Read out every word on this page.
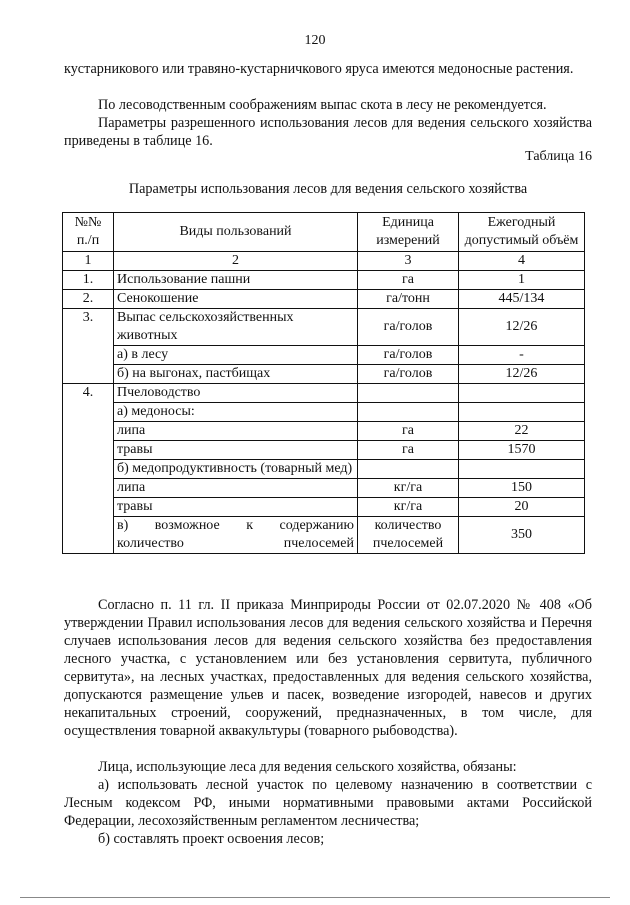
120

кустарникового или травяно-кустарничкового яруса имеются медоносные растения.

По лесоводственным соображениям выпас скота в лесу не рекомендуется.

Параметры разрешенного использования лесов для ведения сельского хозяйства приведены в таблице 16.

Таблица 16
Параметры использования лесов для ведения сельского хозяйства
№№ п./п	Виды пользований	Единица измерений	Ежегодный допустимый объём
1	2	3	4
1.	Использование пашни	га	1
2.	Сенокошение	га/тонн	445/134
3.	Выпас сельскохозяйственных животных	га/голов	12/26
	а) в лесу	га/голов	-
	б) на выгонах, пастбищах	га/голов	12/26
4.	Пчеловодство		
	а) медоносы:		
	липа	га	22
	травы	га	1570
	б) медопродуктивность (товарный мед)		
	липа	кг/га	150
	травы	кг/га	20
	в) возможное к содержанию количество пчелосемей	количество пчелосемей	350

Согласно п. 11 гл. II приказа Минприроды России от 02.07.2020 № 408 «Об утверждении Правил использования лесов для ведения сельского хозяйства и Перечня случаев использования лесов для ведения сельского хозяйства без предоставления лесного участка, с установлением или без установления сервитута, публичного сервитута», на лесных участках, предоставленных для ведения сельского хозяйства, допускаются размещение ульев и пасек, возведение изгородей, навесов и других некапитальных строений, сооружений, предназначенных, в том числе, для осуществления товарной аквакультуры (товарного рыбоводства).

Лица, использующие леса для ведения сельского хозяйства, обязаны:

а) использовать лесной участок по целевому назначению в соответствии с Лесным кодексом РФ, иными нормативными правовыми актами Российской Федерации, лесохозяйственным регламентом лесничества;

б) составлять проект освоения лесов;
